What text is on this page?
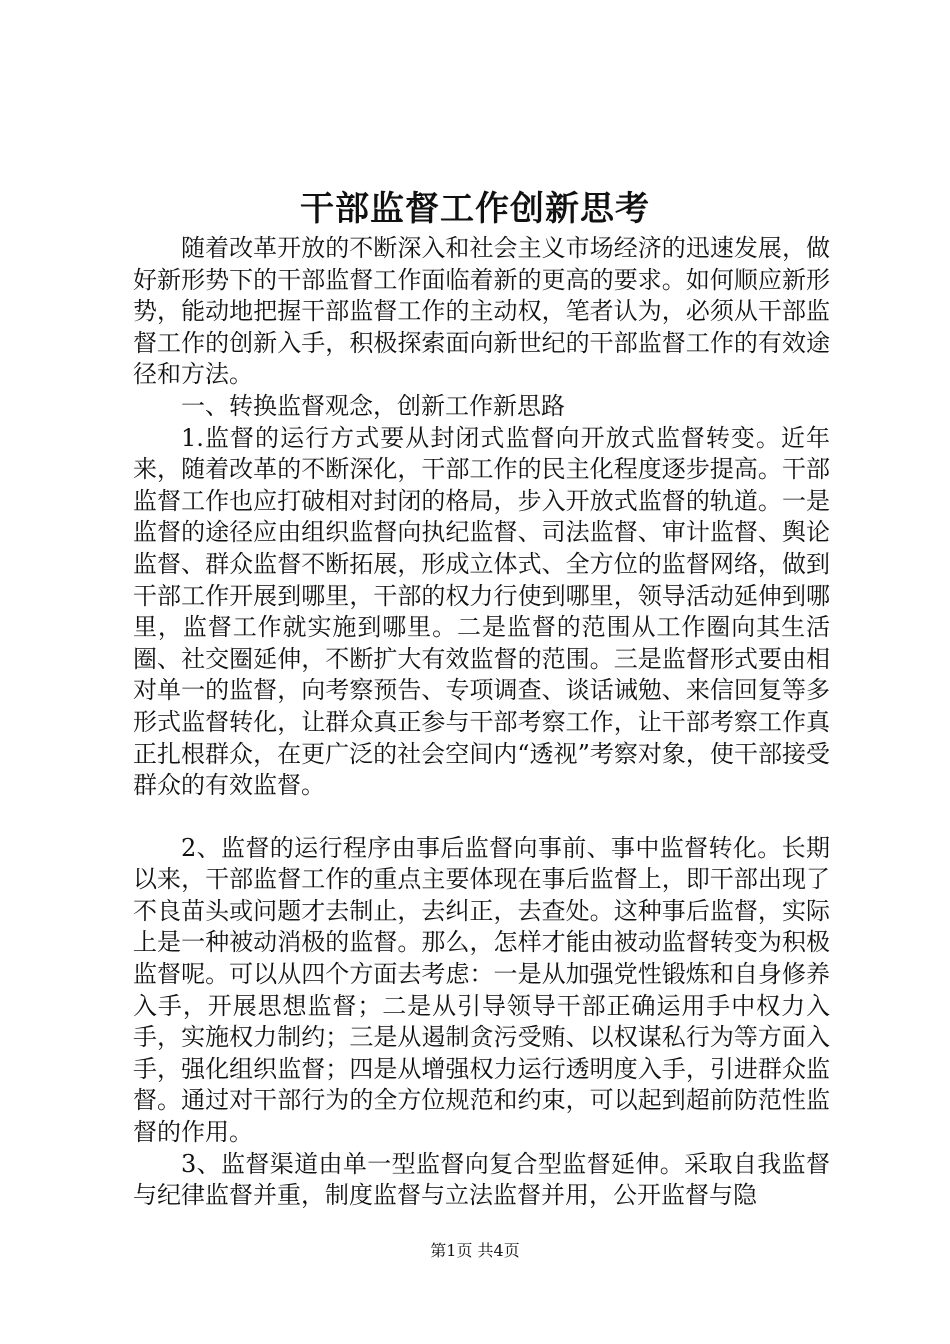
干部监督工作创新思考

随着改革开放的不断深入和社会主义市场经济的迅速发展，做好新形势下的干部监督工作面临着新的更高的要求。如何顺应新形势，能动地把握干部监督工作的主动权，笔者认为，必须从干部监督工作的创新入手，积极探索面向新世纪的干部监督工作的有效途径和方法。

一、转换监督观念，创新工作新思路

1.监督的运行方式要从封闭式监督向开放式监督转变。近年来，随着改革的不断深化，干部工作的民主化程度逐步提高。干部监督工作也应打破相对封闭的格局，步入开放式监督的轨道。一是监督的途径应由组织监督向执纪监督、司法监督、审计监督、舆论监督、群众监督不断拓展，形成立体式、全方位的监督网络，做到干部工作开展到哪里，干部的权力行使到哪里，领导活动延伸到哪里，监督工作就实施到哪里。二是监督的范围从工作圈向其生活圈、社交圈延伸，不断扩大有效监督的范围。三是监督形式要由相对单一的监督，向考察预告、专项调查、谈话诫勉、来信回复等多形式监督转化，让群众真正参与干部考察工作，让干部考察工作真正扎根群众，在更广泛的社会空间内“透视”考察对象，使干部接受群众的有效监督。

2、监督的运行程序由事后监督向事前、事中监督转化。长期以来，干部监督工作的重点主要体现在事后监督上，即干部出现了不良苗头或问题才去制止，去纠正，去查处。这种事后监督，实际上是一种被动消极的监督。那么，怎样才能由被动监督转变为积极监督呢。可以从四个方面去考虑：一是从加强党性锻炼和自身修养入手，开展思想监督；二是从引导领导干部正确运用手中权力入手，实施权力制约；三是从遏制贪污受贿、以权谋私行为等方面入手，强化组织监督；四是从增强权力运行透明度入手，引进群众监督。通过对干部行为的全方位规范和约束，可以起到超前防范性监督的作用。

3、监督渠道由单一型监督向复合型监督延伸。采取自我监督与纪律监督并重，制度监督与立法监督并用，公开监督与隐

第1页 共4页
